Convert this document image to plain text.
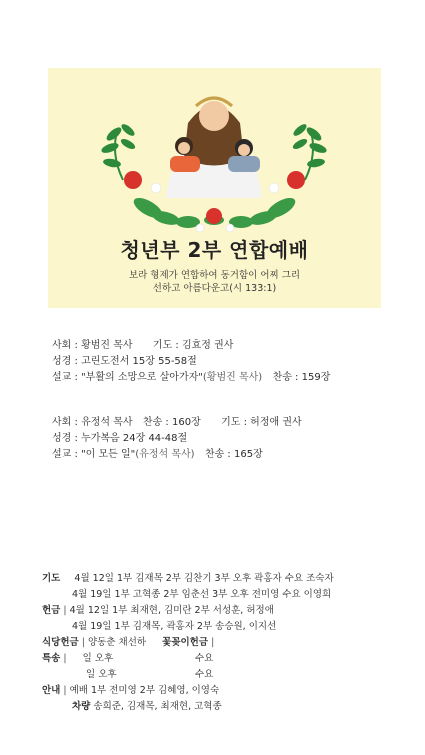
청년부 2부 연합예배
보라 형제가 연합하여 동거함이 어찌 그리
선하고 아름다운고(시 133:1)
사회 : 황범진 목사 기도 : 김효정 권사
성경 : 고린도전서 15장 55-58절
설교 : "부활의 소망으로 살아가자"(황범진 목사) 찬송 : 159장
사회 : 유정석 목사 찬송 : 160장 기도 : 허정애 권사
성경 : 누가복음 24장 44-48절
설교 : "이 모든 일"(유정석 목사) 찬송 : 165장
기도 4월 12일 1부 김재목 2부 김찬기 3부 오후 곽홍자 수요 조숙자
4월 19일 1부 고혁종 2부 임춘선 3부 오후 전미영 수요 이영희
헌금 | 4월 12일 1부 최재현, 김미란 2부 서성훈, 허정애
4월 19일 1부 김재목, 곽홍자 2부 송승원, 이지선
식당헌금 | 양동춘 채선하 꽃꽂이헌금 |
특송 | 일 오후	수요
일 오후	수요
안내 | 예배 1부 전미영 2부 김혜영, 이영숙
차량 송희준, 김재목, 최재현, 고혁종
